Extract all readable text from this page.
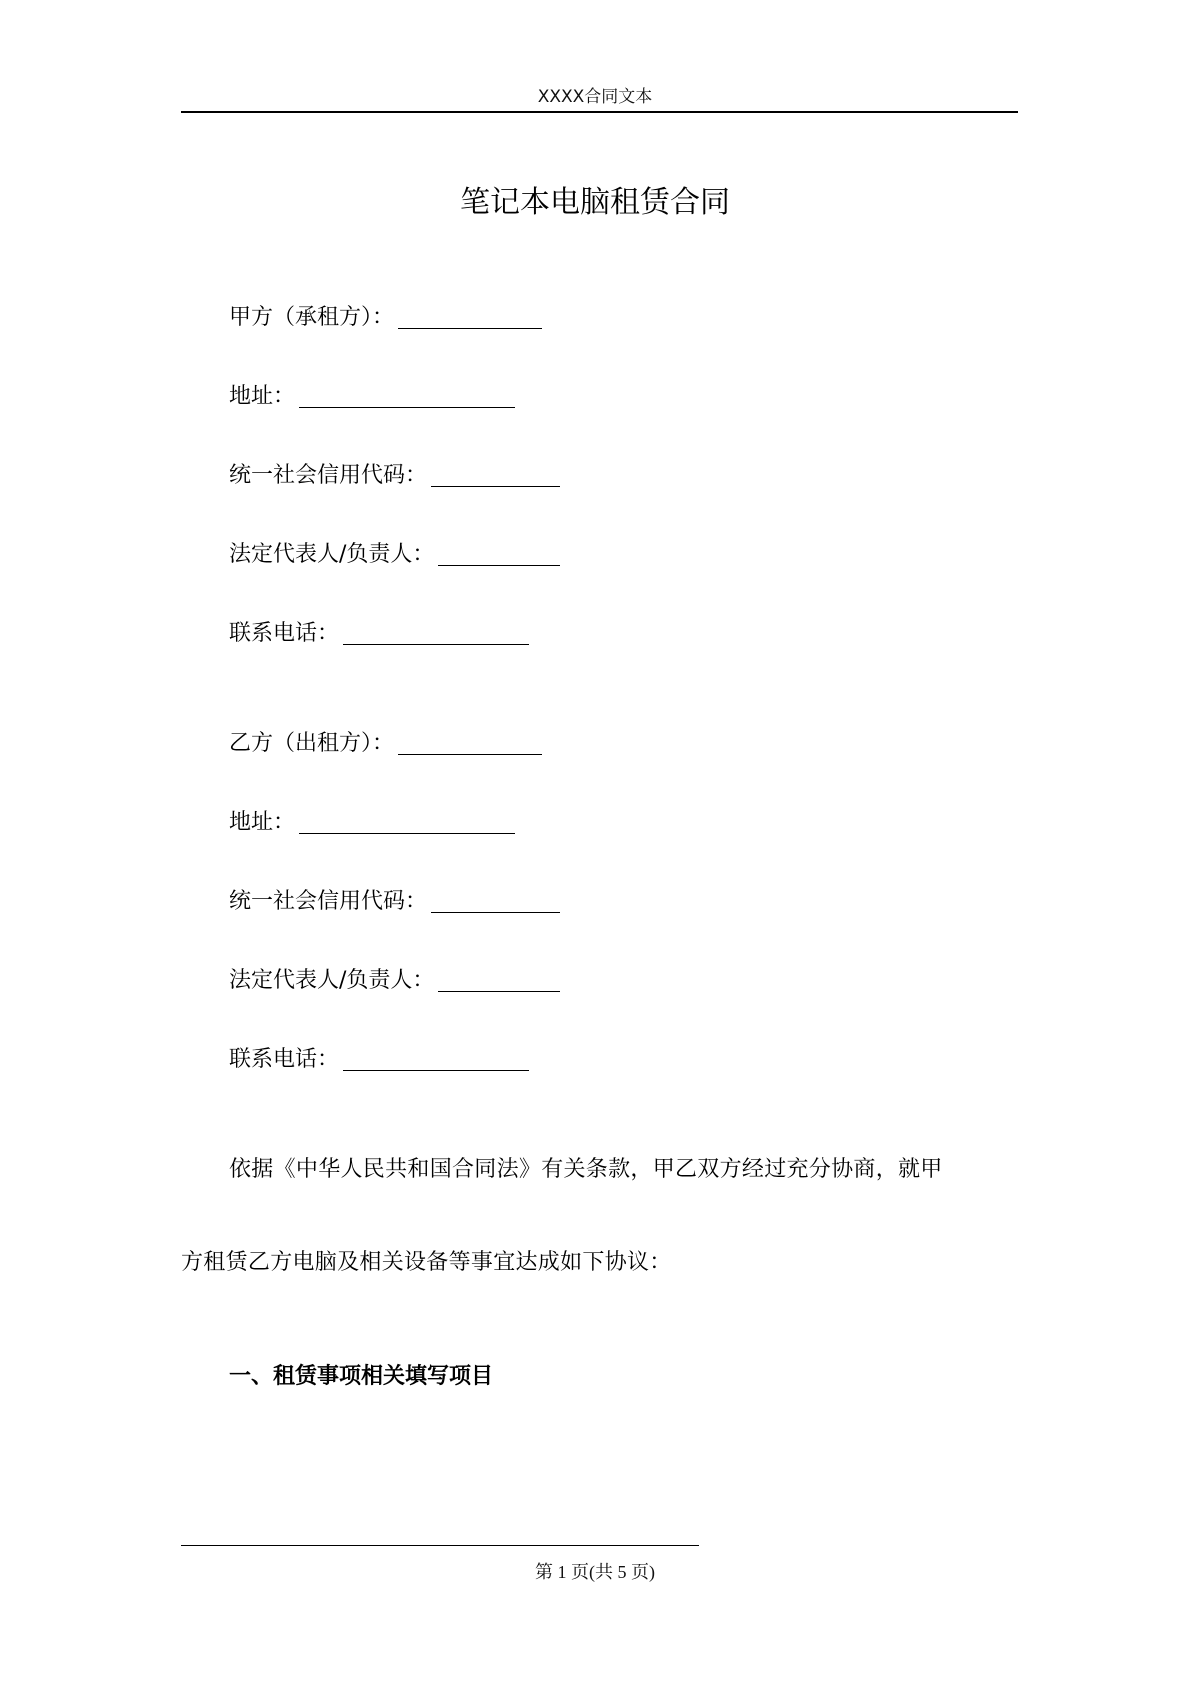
XXXX合同文本
笔记本电脑租赁合同
甲方（承租方）：
地址：
统一社会信用代码：
法定代表人/负责人：
联系电话：
乙方（出租方）：
地址：
统一社会信用代码：
法定代表人/负责人：
联系电话：
依据《中华人民共和国合同法》有关条款，甲乙双方经过充分协商，就甲
方租赁乙方电脑及相关设备等事宜达成如下协议：
一、租赁事项相关填写项目
第 1 页(共 5 页)
